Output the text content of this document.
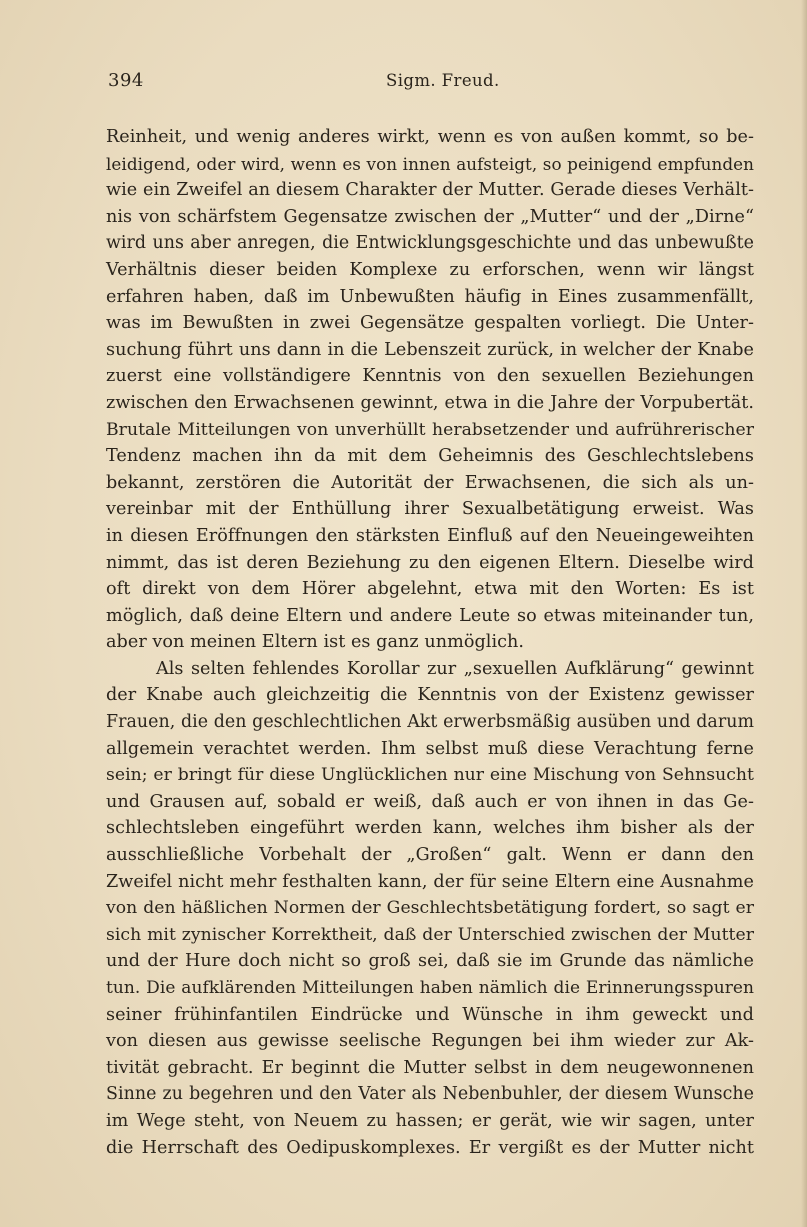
394	Sigm. Freud.
Reinheit, und wenig anderes wirkt, wenn es von außen kommt, so be-
leidigend, oder wird, wenn es von innen aufsteigt, so peinigend empfunden
wie ein Zweifel an diesem Charakter der Mutter. Gerade dieses Verhält-
nis von schärfstem Gegensatze zwischen der „Mutter“ und der „Dirne“
wird uns aber anregen, die Entwicklungsgeschichte und das unbewußte
Verhältnis dieser beiden Komplexe zu erforschen, wenn wir längst
erfahren haben, daß im Unbewußten häufig in Eines zusammenfällt,
was im Bewußten in zwei Gegensätze gespalten vorliegt. Die Unter-
suchung führt uns dann in die Lebenszeit zurück, in welcher der Knabe
zuerst eine vollständigere Kenntnis von den sexuellen Beziehungen
zwischen den Erwachsenen gewinnt, etwa in die Jahre der Vorpubertät.
Brutale Mitteilungen von unverhüllt herabsetzender und aufrührerischer
Tendenz machen ihn da mit dem Geheimnis des Geschlechtslebens
bekannt, zerstören die Autorität der Erwachsenen, die sich als un-
vereinbar mit der Enthüllung ihrer Sexualbetätigung erweist. Was
in diesen Eröffnungen den stärksten Einfluß auf den Neueingeweihten
nimmt, das ist deren Beziehung zu den eigenen Eltern. Dieselbe wird
oft direkt von dem Hörer abgelehnt, etwa mit den Worten: Es ist
möglich, daß deine Eltern und andere Leute so etwas miteinander tun,
aber von meinen Eltern ist es ganz unmöglich.
Als selten fehlendes Korollar zur „sexuellen Aufklärung“ gewinnt
der Knabe auch gleichzeitig die Kenntnis von der Existenz gewisser
Frauen, die den geschlechtlichen Akt erwerbsmäßig ausüben und darum
allgemein verachtet werden. Ihm selbst muß diese Verachtung ferne
sein; er bringt für diese Unglücklichen nur eine Mischung von Sehnsucht
und Grausen auf, sobald er weiß, daß auch er von ihnen in das Ge-
schlechtsleben eingeführt werden kann, welches ihm bisher als der
ausschließliche Vorbehalt der „Großen“ galt. Wenn er dann den
Zweifel nicht mehr festhalten kann, der für seine Eltern eine Ausnahme
von den häßlichen Normen der Geschlechtsbetätigung fordert, so sagt er
sich mit zynischer Korrektheit, daß der Unterschied zwischen der Mutter
und der Hure doch nicht so groß sei, daß sie im Grunde das nämliche
tun. Die aufklärenden Mitteilungen haben nämlich die Erinnerungsspuren
seiner frühinfantilen Eindrücke und Wünsche in ihm geweckt und
von diesen aus gewisse seelische Regungen bei ihm wieder zur Ak-
tivität gebracht. Er beginnt die Mutter selbst in dem neugewonnenen
Sinne zu begehren und den Vater als Nebenbuhler, der diesem Wunsche
im Wege steht, von Neuem zu hassen; er gerät, wie wir sagen, unter
die Herrschaft des Oedipuskomplexes. Er vergißt es der Mutter nicht
